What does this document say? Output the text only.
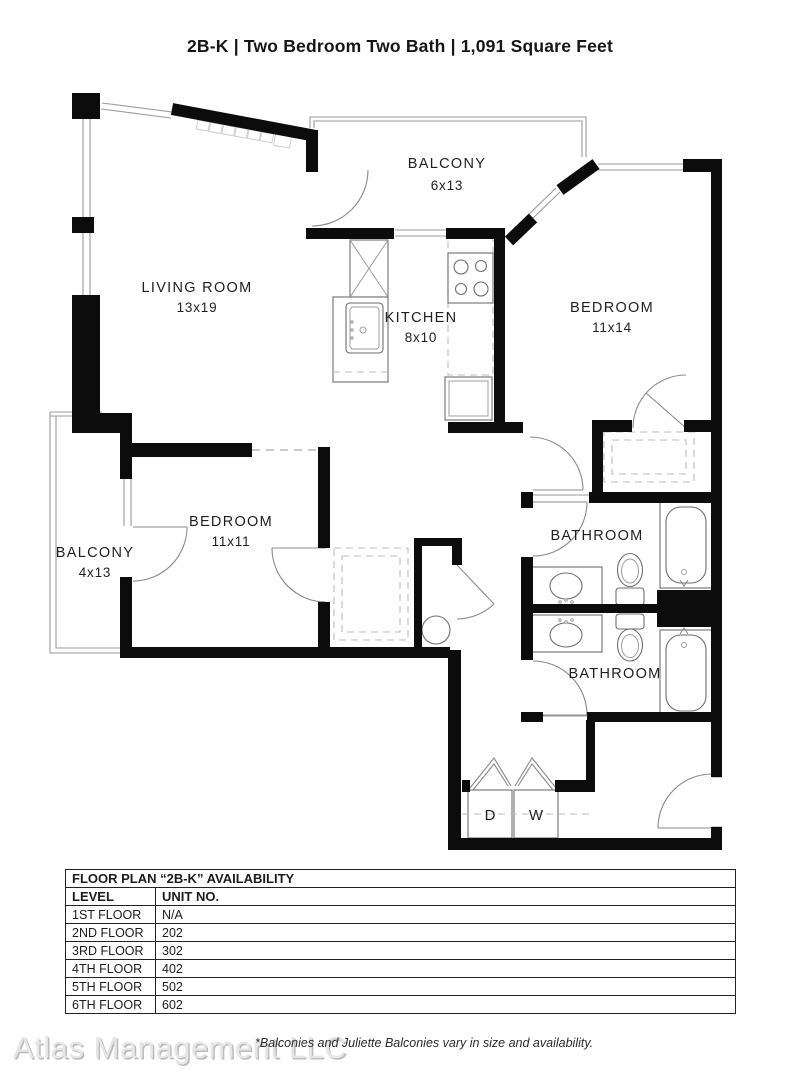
2B-K | Two Bedroom Two Bath | 1,091 Square Feet
LIVING ROOM
13x19
BALCONY
6x13
KITCHEN
8x10
BEDROOM
11x14
BEDROOM
11x11
BALCONY
4x13
BATHROOM
BATHROOM
D W
FLOOR PLAN “2B-K” AVAILABILITY	
LEVEL	UNIT NO.
1ST FLOOR	N/A
2ND FLOOR	202
3RD FLOOR	302
4TH FLOOR	402
5TH FLOOR	502
6TH FLOOR	602
Atlas Management LLC
*Balconies and Juliette Balconies vary in size and availability.
